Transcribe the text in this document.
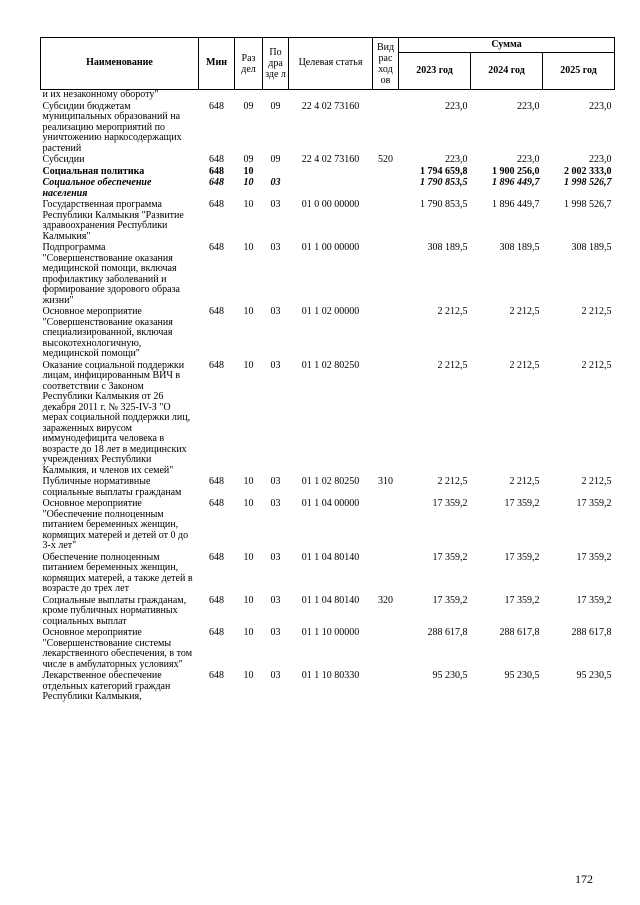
Наименование	Мин	Раз дел	По дра зде л	Целевая статья	Вид рас ход ов	Сумма		
						2023 год	2024 год	2025 год
и их незаконному обороту"								
Субсидии бюджетам муниципальных образований на реализацию мероприятий по уничтожению наркосодержащих растений	648	09	09	22 4 02 73160		223,0	223,0	223,0
Субсидии	648	09	09	22 4 02 73160	520	223,0	223,0	223,0
Социальная политика	648	10				1 794 659,8	1 900 256,0	2 002 333,0
Социальное обеспечение населения	648	10	03			1 790 853,5	1 896 449,7	1 998 526,7
Государственная программа Республики Калмыкия "Развитие здравоохранения Республики Калмыкия"	648	10	03	01 0 00 00000		1 790 853,5	1 896 449,7	1 998 526,7
Подпрограмма "Совершенствование оказания медицинской помощи, включая профилактику заболеваний и формирование здорового образа жизни"	648	10	03	01 1 00 00000		308 189,5	308 189,5	308 189,5
Основное мероприятие "Совершенствование оказания специализированной, включая высокотехнологичную, медицинской помощи"	648	10	03	01 1 02 00000		2 212,5	2 212,5	2 212,5
Оказание социальной поддержки лицам, инфицированным ВИЧ в соответствии с Законом Республики Калмыкия от 26 декабря 2011 г. № 325-IV-З "О мерах социальной поддержки лиц, зараженных вирусом иммунодефицита человека в возрасте до 18 лет в медицинских учреждениях Республики Калмыкия, и членов их семей"	648	10	03	01 1 02 80250		2 212,5	2 212,5	2 212,5
Публичные нормативные социальные выплаты гражданам	648	10	03	01 1 02 80250	310	2 212,5	2 212,5	2 212,5
Основное мероприятие "Обеспечение полноценным питанием беременных женщин, кормящих матерей и детей от 0 до 3-х лет"	648	10	03	01 1 04 00000		17 359,2	17 359,2	17 359,2
Обеспечение полноценным питанием беременных женщин, кормящих матерей, а также детей в возрасте до трех лет	648	10	03	01 1 04 80140		17 359,2	17 359,2	17 359,2
Социальные выплаты гражданам, кроме публичных нормативных социальных выплат	648	10	03	01 1 04 80140	320	17 359,2	17 359,2	17 359,2
Основное мероприятие "Совершенствование системы лекарственного обеспечения, в том числе в амбулаторных условиях"	648	10	03	01 1 10 00000		288 617,8	288 617,8	288 617,8
Лекарственное обеспечение отдельных категорий граждан Республики Калмыкия,	648	10	03	01 1 10 80330		95 230,5	95 230,5	95 230,5
172
